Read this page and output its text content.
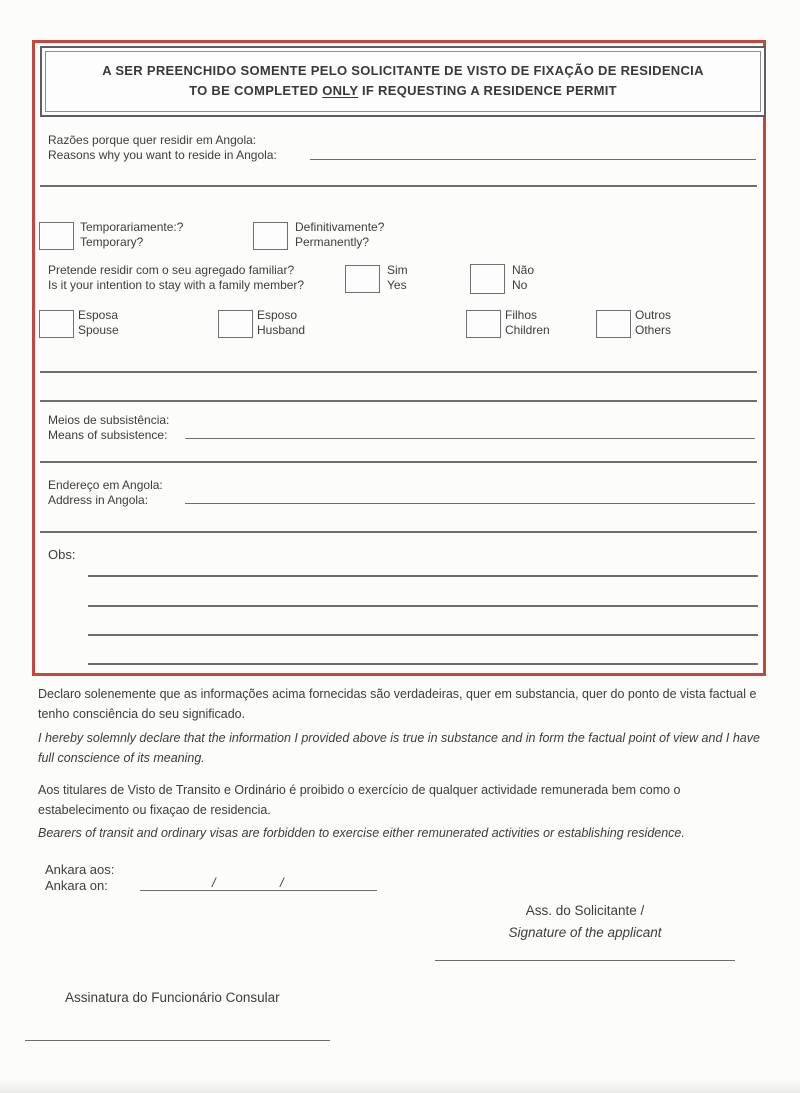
A SER PREENCHIDO SOMENTE PELO SOLICITANTE DE VISTO DE FIXAÇÃO DE RESIDENCIA
TO BE COMPLETED ONLY IF REQUESTING A RESIDENCE PERMIT
Razões porque quer residir em Angola:
Reasons why you want to reside in Angola:
Temporariamente:?
Temporary?
Definitivamente?
Permanently?
Pretende residir com o seu agregado familiar?
Is it your intention to stay with a family member?
Sim
Yes
Não
No
Esposa
Spouse
Esposo
Husband
Filhos
Children
Outros
Others
Meios de subsistência:
Means of subsistence:
Endereço em Angola:
Address in Angola:
Obs:
Declaro solenemente que as informações acima fornecidas são verdadeiras, quer em substancia, quer do ponto de vista factual e tenho consciência do seu significado.
I hereby solemnly declare that the information I provided above is true in substance and in form the factual point of view and I have full conscience of its meaning.
Aos titulares de Visto de Transito e Ordinário é proibido o exercício de qualquer actividade remunerada bem como o estabelecimento ou fixaçao de residencia.
Bearers of transit and ordinary visas are forbidden to exercise either remunerated activities or establishing residence.
Ankara aos:
Ankara on:	/	/
Ass. do Solicitante /
Signature of the applicant
Assinatura do Funcionário Consular
